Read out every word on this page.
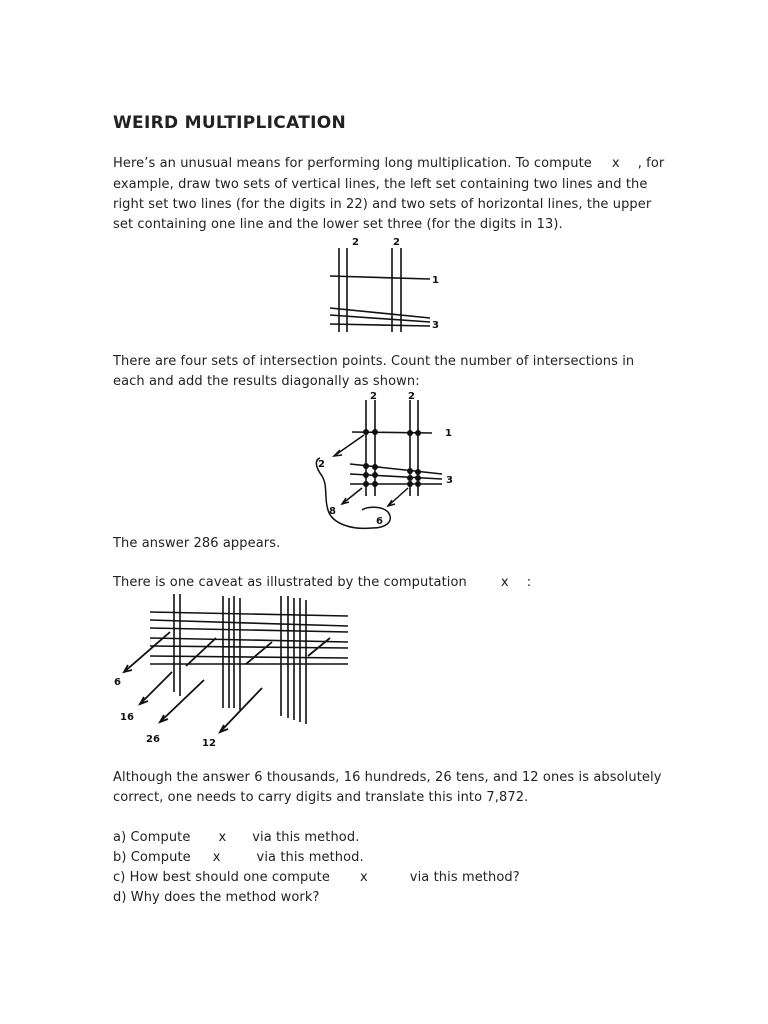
WEIRD MULTIPLICATION
Here’s an unusual means for performing long multiplication. To compute x , for
example, draw two sets of vertical lines, the left set containing two lines and the
right set two lines (for the digits in 22) and two sets of horizontal lines, the upper
set containing one line and the lower set three (for the digits in 13).
2	2
1
3
There are four sets of intersection points. Count the number of intersections in
each and add the results diagonally as shown:
2
8
6
2	2
1
3
The answer 286 appears.
There is one caveat as illustrated by the computation	x :
6
16
26	12
Although the answer 6 thousands, 16 hundreds, 26 tens, and 12 ones is absolutely
correct, one needs to carry digits and translate this into 7,872.
a) Compute x via this method.
b) Compute x	via this method.
c) How best should one compute x	via this method?
d) Why does the method work?
